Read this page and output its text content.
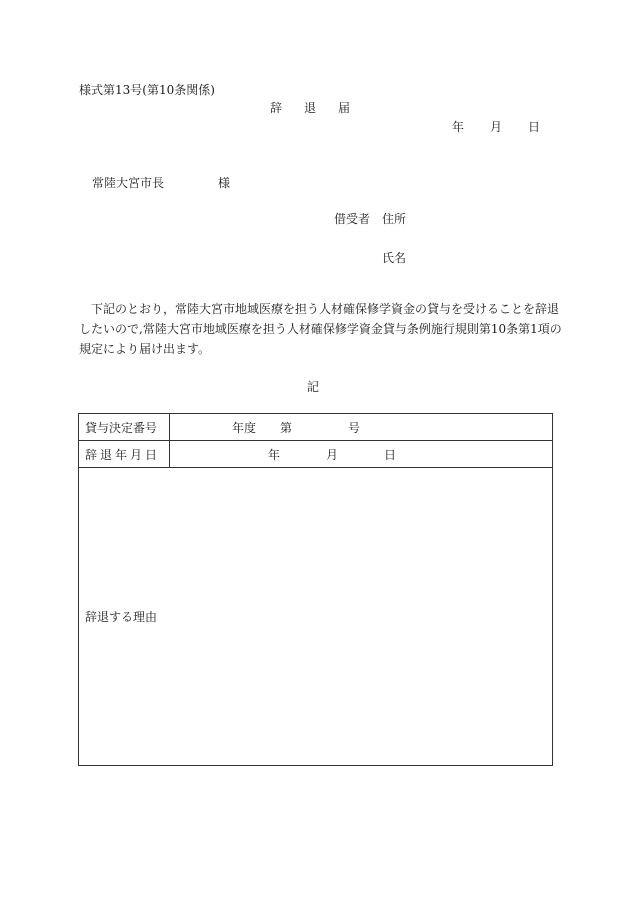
様式第13号(第10条関係)
辞 退 届
年 月 日
常陸大宮市長	様
借受者 住所
氏名

　下記のとおり，常陸大宮市地域医療を担う人材確保修学資金の貸与を受けることを辞退

したいので,常陸大宮市地域医療を担う人材確保修学資金貸与条例施行規則第10条第1項の

規定により届け出ます。

記
貸与決定番号	年度 第 号
辞退年月日	年 月 日
辞退する理由	
